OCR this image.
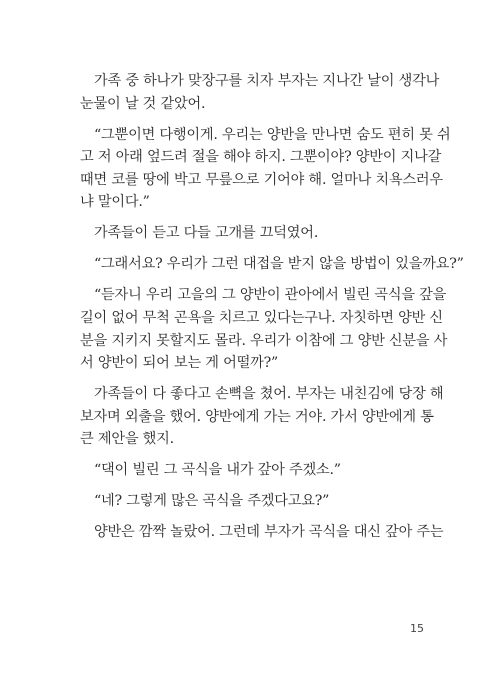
가족 중 하나가 맞장구를 치자 부자는 지나간 날이 생각나
눈물이 날 것 같았어.
“그뿐이면 다행이게. 우리는 양반을 만나면 숨도 편히 못 쉬
고 저 아래 엎드려 절을 해야 하지. 그뿐이야? 양반이 지나갈
때면 코를 땅에 박고 무릎으로 기어야 해. 얼마나 치욕스러우
냐 말이다.”
가족들이 듣고 다들 고개를 끄덕였어.
“그래서요? 우리가 그런 대접을 받지 않을 방법이 있을까요?”
“듣자니 우리 고을의 그 양반이 관아에서 빌린 곡식을 갚을
길이 없어 무척 곤욕을 치르고 있다는구나. 자칫하면 양반 신
분을 지키지 못할지도 몰라. 우리가 이참에 그 양반 신분을 사
서 양반이 되어 보는 게 어떨까?”
가족들이 다 좋다고 손뼉을 쳤어. 부자는 내친김에 당장 해
보자며 외출을 했어. 양반에게 가는 거야. 가서 양반에게 통
큰 제안을 했지.
“댁이 빌린 그 곡식을 내가 갚아 주겠소.”
“네? 그렇게 많은 곡식을 주겠다고요?”
양반은 깜짝 놀랐어. 그런데 부자가 곡식을 대신 갚아 주는
15
